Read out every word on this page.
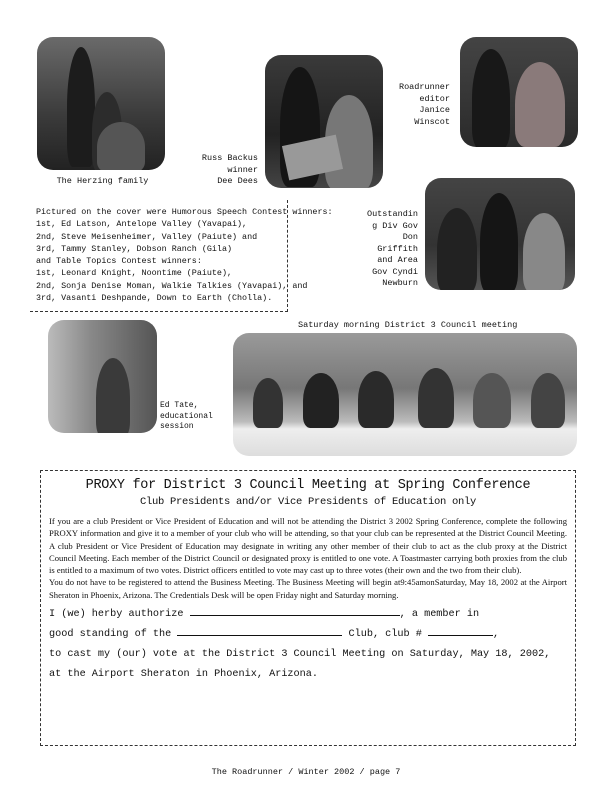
The Herzing family
Russ Backus
winner
Dee Dees
Roadrunner
editor
Janice
Winscot
Pictured on the cover were Humorous Speech Contest winners:
1st, Ed Latson, Antelope Valley (Yavapai),
2nd, Steve Meisenheimer, Valley (Paiute) and
3rd, Tammy Stanley, Dobson Ranch (Gila)
and Table Topics Contest winners:
1st, Leonard Knight, Noontime (Paiute),
2nd, Sonja Denise Moman, Walkie Talkies (Yavapai), and
3rd, Vasanti Deshpande, Down to Earth (Cholla).
Outstandin
g Div Gov
Don
Griffith
and Area
Gov Cyndi
Newburn
Saturday morning District 3 Council meeting
Ed Tate,
educational
session
PROXY for District 3 Council Meeting at Spring Conference
Club Presidents and/or Vice Presidents of Education only

If you are a club President or Vice President of Education and will not be attending the District 3 2002 Spring Conference, complete the following PROXY information and give it to a member of your club who will be attending, so that your club can be represented at the District Council Meeting. A club President or Vice President of Education may designate in writing any other member of their club to act as the club proxy at the District Council Meeting. Each member of the District Council or designated proxy is entitled to one vote. A Toastmaster carrying both proxies from the club is entitled to a maximum of two votes. District officers entitled to vote may cast up to three votes (their own and the two from their club).

You do not have to be registered to attend the Business Meeting. The Business Meeting will begin at9:45amonSaturday, May 18, 2002 at the Airport Sheraton in Phoenix, Arizona. The Credentials Desk will be open Friday night and Saturday morning.

I (we) herby authorize	, a member in
good standing of the	Club, club #	,
to cast my (our) vote at the District 3 Council Meeting on Saturday, May 18, 2002,
at the Airport Sheraton in Phoenix, Arizona.
The Roadrunner / Winter 2002 / page 7
